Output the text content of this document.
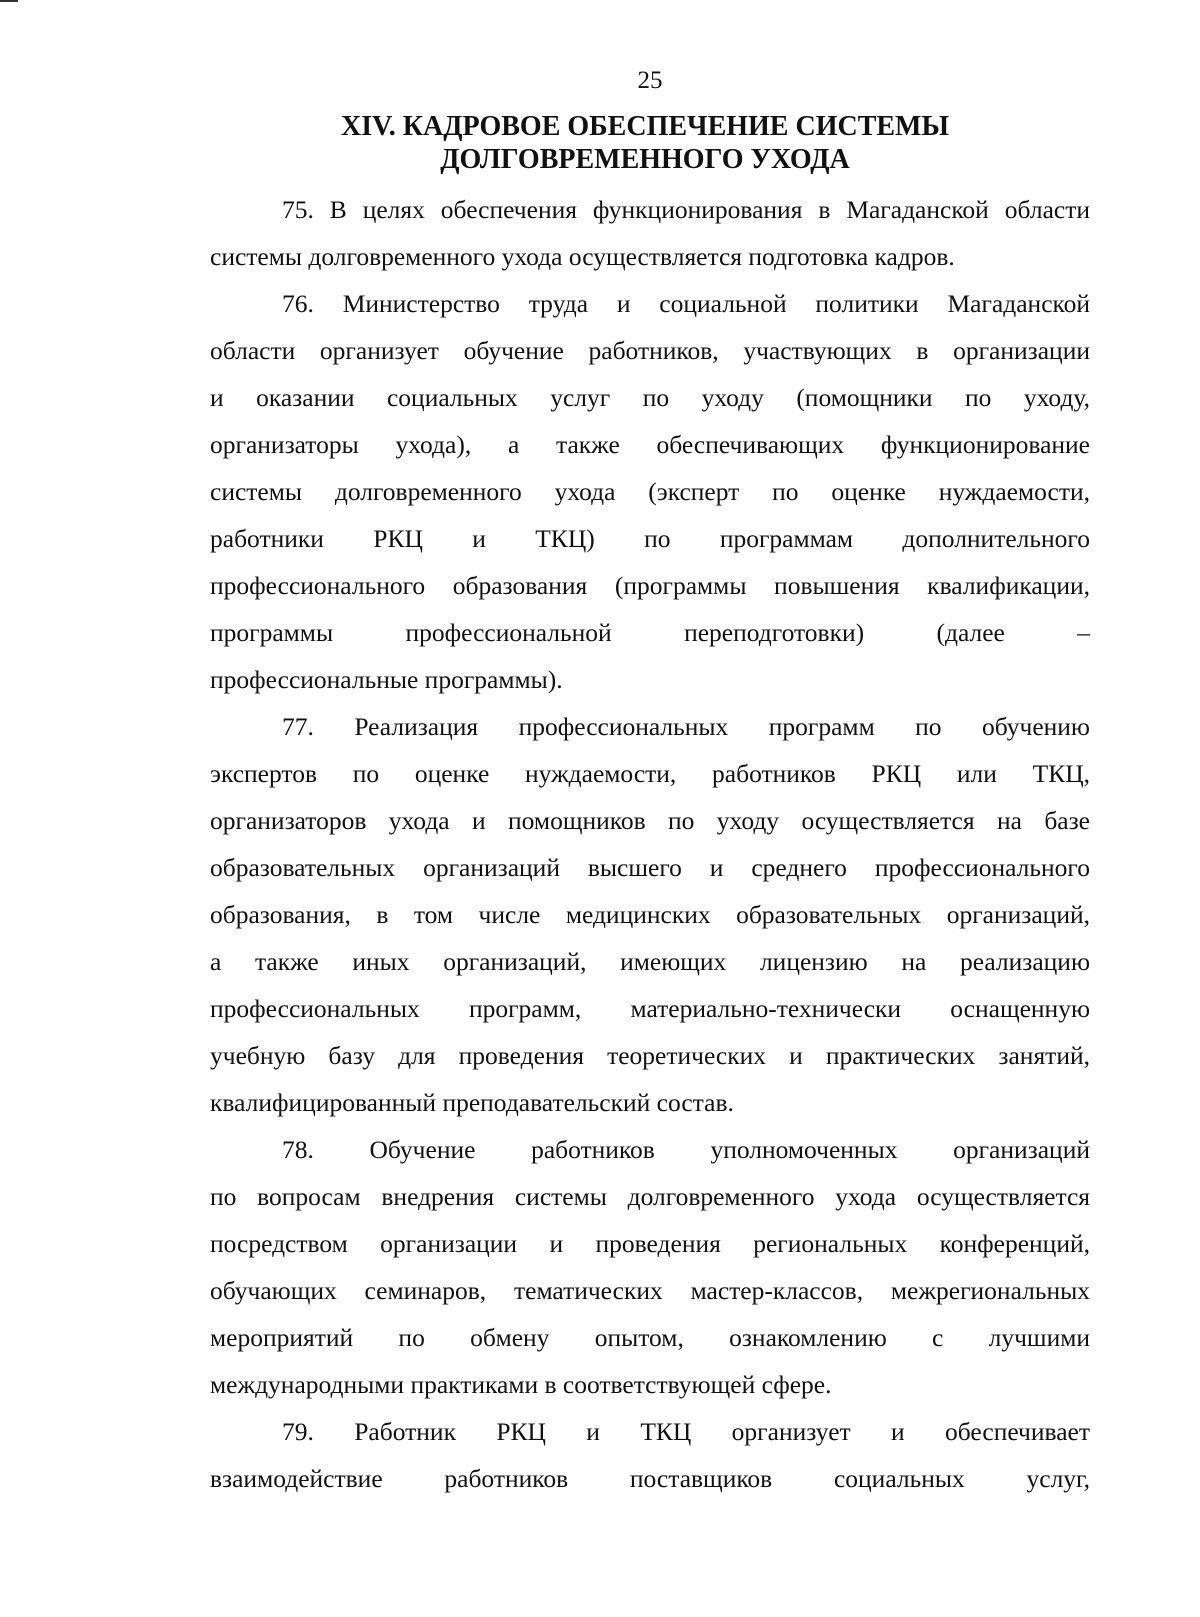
25
XIV. КАДРОВОЕ ОБЕСПЕЧЕНИЕ СИСТЕМЫ
ДОЛГОВРЕМЕННОГО УХОДА
75. В целях обеспечения функционирования в Магаданской области
системы долговременного ухода осуществляется подготовка кадров.
76. Министерство труда и социальной политики Магаданской
области организует обучение работников, участвующих в организации
и оказании социальных услуг по уходу (помощники по уходу,
организаторы ухода), а также обеспечивающих функционирование
системы долговременного ухода (эксперт по оценке нуждаемости,
работники РКЦ и ТКЦ) по программам дополнительного
профессионального образования (программы повышения квалификации,
программы профессиональной переподготовки) (далее –
профессиональные программы).
77. Реализация профессиональных программ по обучению
экспертов по оценке нуждаемости, работников РКЦ или ТКЦ,
организаторов ухода и помощников по уходу осуществляется на базе
образовательных организаций высшего и среднего профессионального
образования, в том числе медицинских образовательных организаций,
а также иных организаций, имеющих лицензию на реализацию
профессиональных программ, материально-технически оснащенную
учебную базу для проведения теоретических и практических занятий,
квалифицированный преподавательский состав.
78. Обучение работников уполномоченных организаций
по вопросам внедрения системы долговременного ухода осуществляется
посредством организации и проведения региональных конференций,
обучающих семинаров, тематических мастер-классов, межрегиональных
мероприятий по обмену опытом, ознакомлению с лучшими
международными практиками в соответствующей сфере.
79. Работник РКЦ и ТКЦ организует и обеспечивает
взаимодействие работников поставщиков социальных услуг,
